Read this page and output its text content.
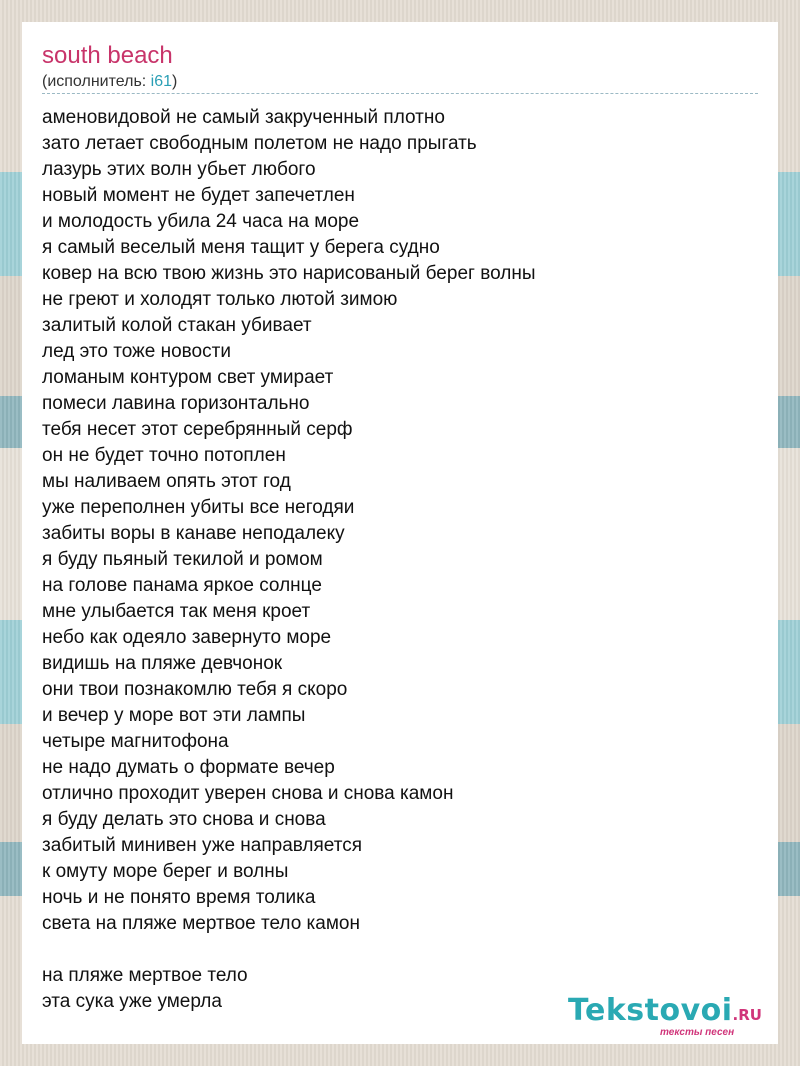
south beach
(исполнитель: i61)
аменовидовой не самый закрученный плотно
зато летает свободным полетом не надо прыгать
лазурь этих волн убьет любого
новый момент не будет запечетлен
и молодость убила 24 часа на море
я самый веселый меня тащит у берега судно
ковер на всю твою жизнь это нарисованый берег волны
не греют и холодят только лютой зимою
залитый колой стакан убивает
лед это тоже новости
ломаным контуром свет умирает
помеси лавина горизонтально
тебя несет этот серебрянный серф
он не будет точно потоплен
мы наливаем опять этот год
уже переполнен убиты все негодяи
забиты воры в канаве неподалеку
я буду пьяный текилой и ромом
на голове панама яркое солнце
мне улыбается так меня кроет
небо как одеяло завернуто море
видишь на пляже девчонок
они твои познакомлю тебя я скоро
и вечер у море вот эти лампы
четыре магнитофона
не надо думать о формате вечер
отлично проходит уверен снова и снова камон
я буду делать это снова и снова
забитый минивен уже направляется
к омуту море берег и волны
ночь и не понято время толика
света на пляже мертвое тело камон
на пляже мертвое тело
эта сука уже умерла	Tekstovoi.RU
тексты песен
